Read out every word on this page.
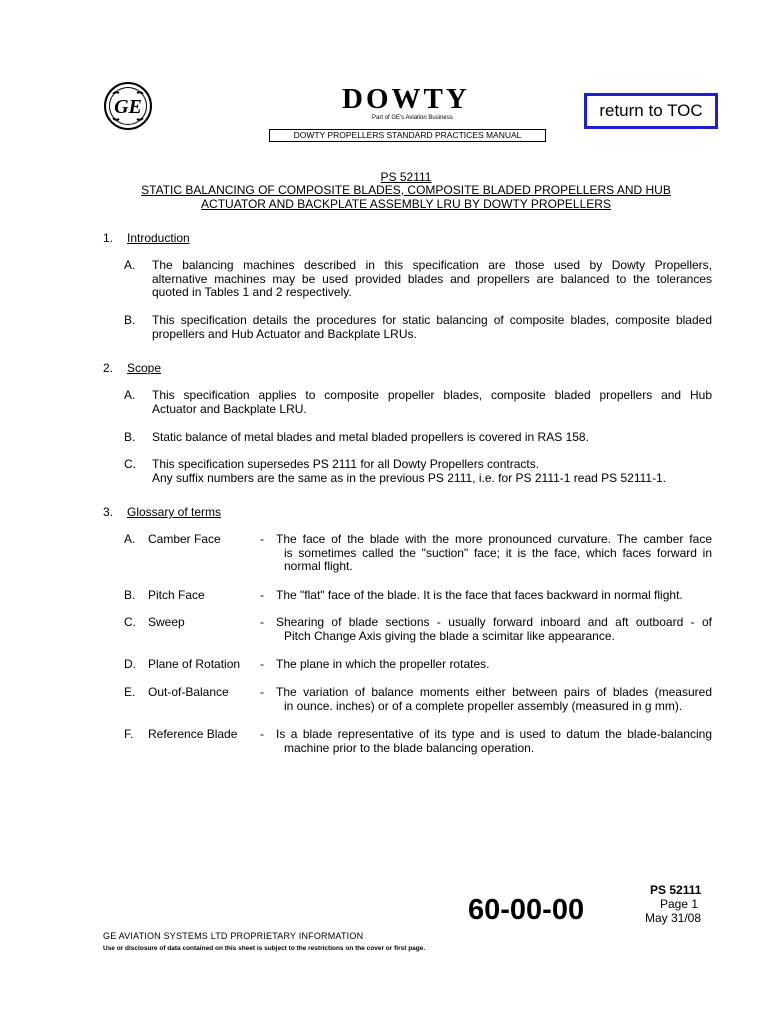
GE	DOWTY
Part of GE's Aviation Business	return to TOC
DOWTY PROPELLERS STANDARD PRACTICES MANUAL
PS 52111
STATIC BALANCING OF COMPOSITE BLADES, COMPOSITE BLADED PROPELLERS AND HUB
ACTUATOR AND BACKPLATE ASSEMBLY LRU BY DOWTY PROPELLERS
1. Introduction
A. The balancing machines described in this specification are those used by Dowty Propellers,
alternative machines may be used provided blades and propellers are balanced to the tolerances
quoted in Tables 1 and 2 respectively.
B. This specification details the procedures for static balancing of composite blades, composite bladed
propellers and Hub Actuator and Backplate LRUs.
2. Scope
A. This specification applies to composite propeller blades, composite bladed propellers and Hub
Actuator and Backplate LRU.
B. Static balance of metal blades and metal bladed propellers is covered in RAS 158.
C. This specification supersedes PS 2111 for all Dowty Propellers contracts.
Any suffix numbers are the same as in the previous PS 2111, i.e. for PS 2111-1 read PS 52111-1.
3. Glossary of terms
A. Camber Face	- The face of the blade with the more pronounced curvature. The camber face
is sometimes called the "suction" face; it is the face, which faces forward in
normal flight.
B. Pitch Face	- The "flat" face of the blade. It is the face that faces backward in normal flight.
C. Sweep	- Shearing of blade sections - usually forward inboard and aft outboard - of
Pitch Change Axis giving the blade a scimitar like appearance.
D. Plane of Rotation - The plane in which the propeller rotates.
E. Out-of-Balance	- The variation of balance moments either between pairs of blades (measured
in ounce. inches) or of a complete propeller assembly (measured in g mm).
F. Reference Blade - Is a blade representative of its type and is used to datum the blade-balancing
machine prior to the blade balancing operation.
PS 52111
Page 1
May 31/08
60-00-00
GE AVIATION SYSTEMS LTD PROPRIETARY INFORMATION
Use or disclosure of data contained on this sheet is subject to the restrictions on the cover or first page.
